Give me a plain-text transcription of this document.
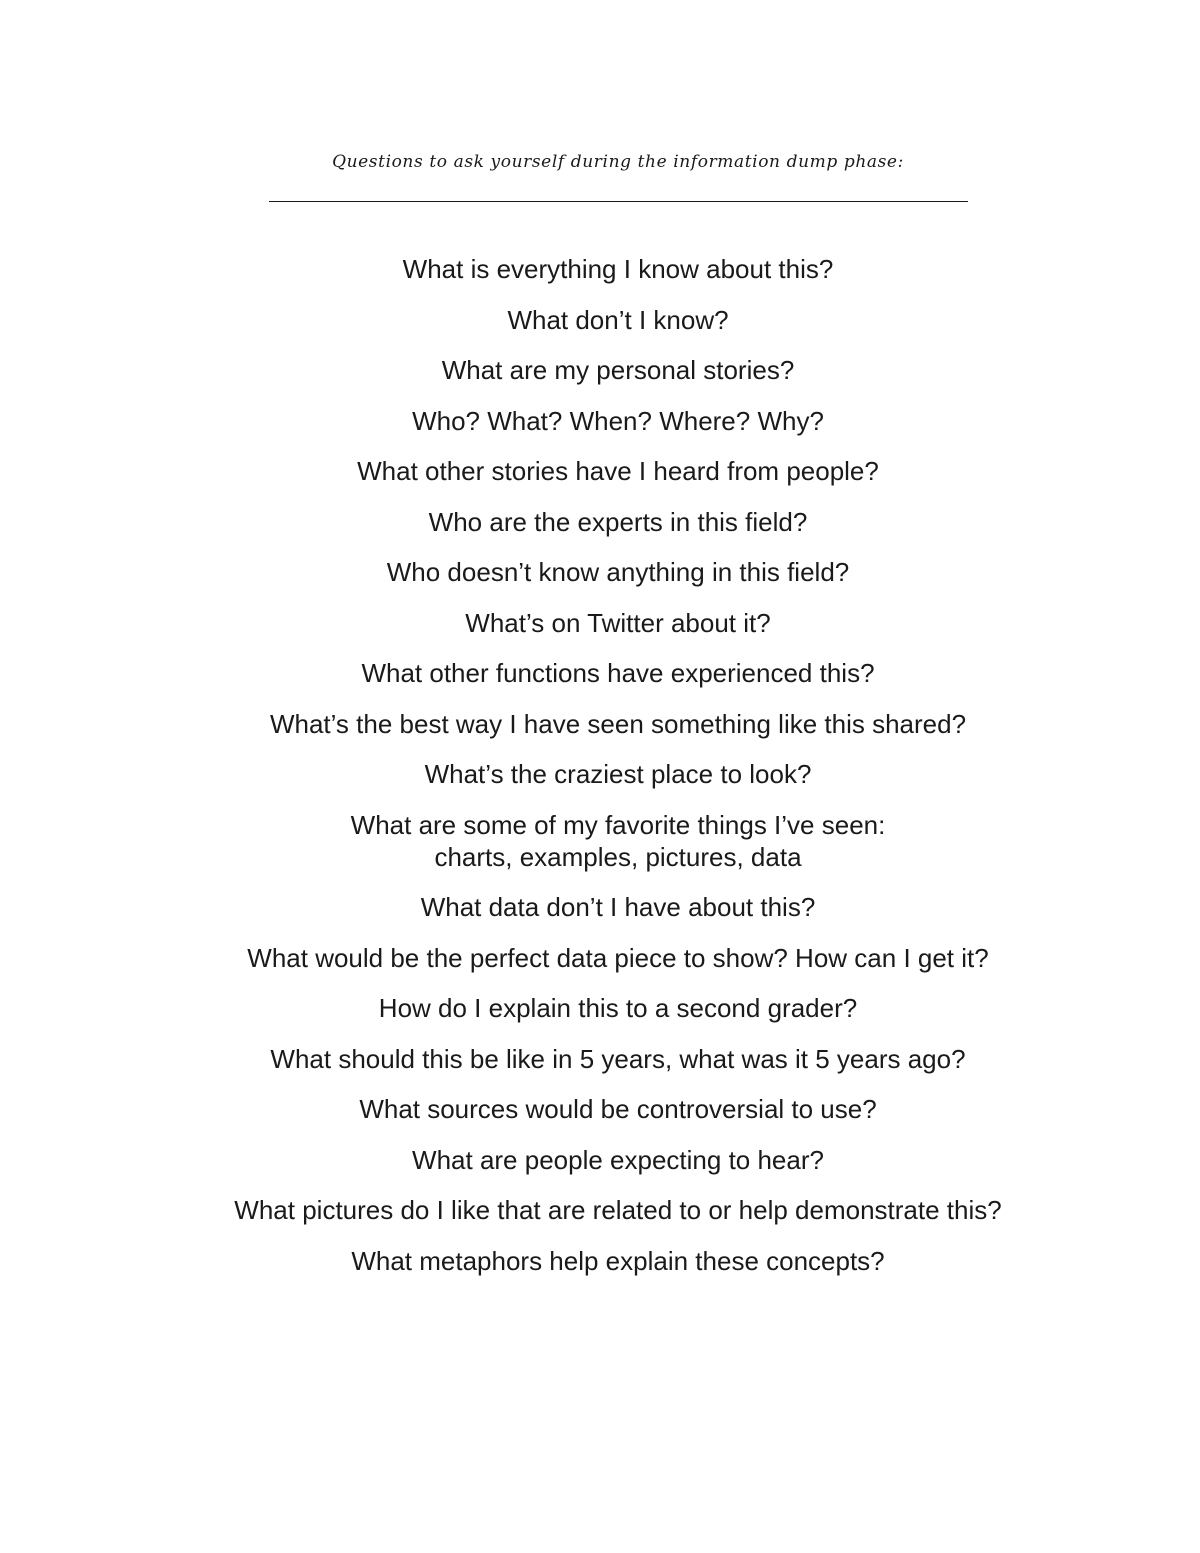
Questions to ask yourself during the information dump phase:

What is everything I know about this?
What don’t I know?
What are my personal stories?
Who? What? When? Where? Why?
What other stories have I heard from people?
Who are the experts in this field?
Who doesn’t know anything in this field?
What’s on Twitter about it?
What other functions have experienced this?
What’s the best way I have seen something like this shared?
What’s the craziest place to look?
What are some of my favorite things I’ve seen:
charts, examples, pictures, data
What data don’t I have about this?
What would be the perfect data piece to show? How can I get it?
How do I explain this to a second grader?
What should this be like in 5 years, what was it 5 years ago?
What sources would be controversial to use?
What are people expecting to hear?
What pictures do I like that are related to or help demonstrate this?
What metaphors help explain these concepts?
